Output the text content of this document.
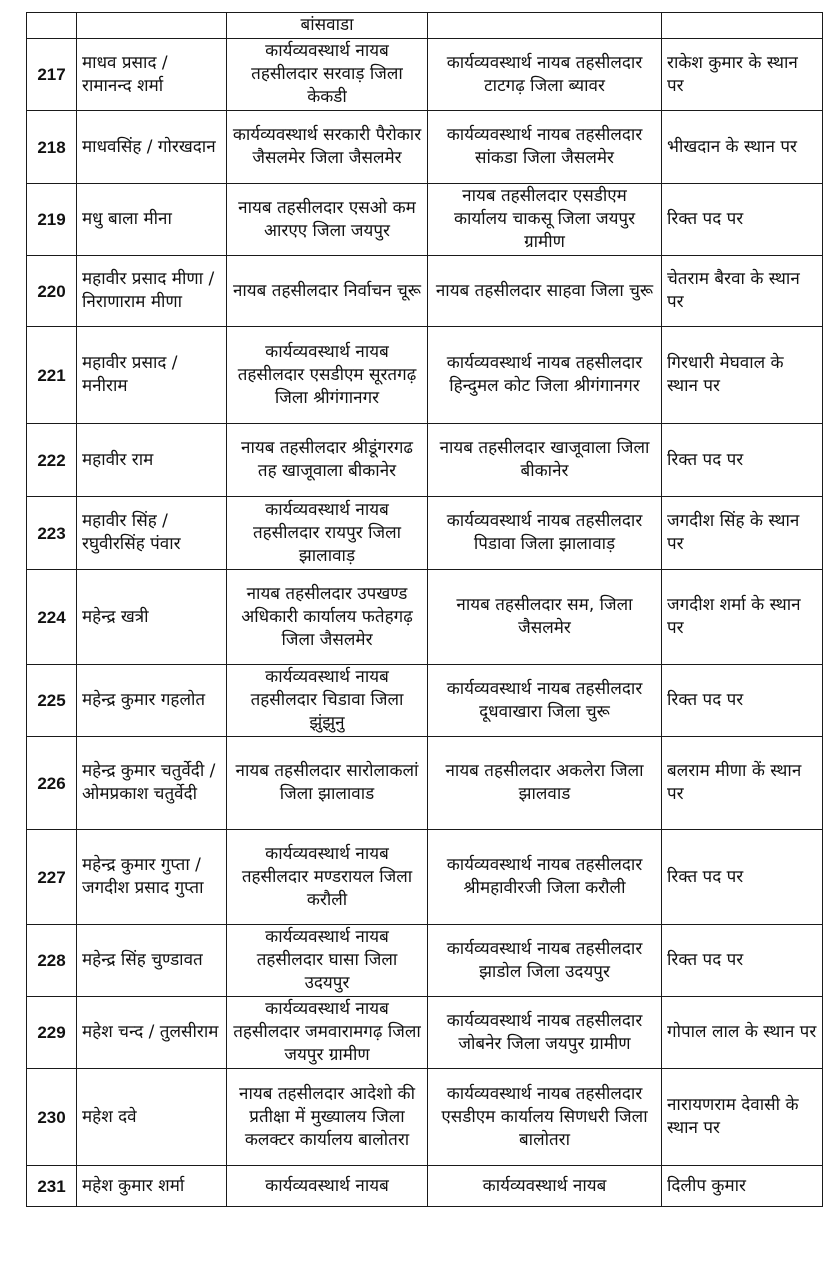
		बांसवाडा		
217	माधव प्रसाद / रामानन्द शर्मा	कार्यव्यवस्थार्थ नायब तहसीलदार सरवाड़ जिला केकडी	कार्यव्यवस्थार्थ नायब तहसीलदार टाटगढ़ जिला ब्यावर	राकेश कुमार के स्थान पर
218	माधवसिंह / गोरखदान	कार्यव्यवस्थार्थ सरकारी पैरोकार जैसलमेर जिला जैसलमेर	कार्यव्यवस्थार्थ नायब तहसीलदार सांकडा जिला जैसलमेर	भीखदान के स्थान पर
219	मधु बाला मीना	नायब तहसीलदार एसओ कम आरएए जिला जयपुर	नायब तहसीलदार एसडीएम कार्यालय चाकसू जिला जयपुर ग्रामीण	रिक्त पद पर
220	महावीर प्रसाद मीणा / निराणाराम मीणा	नायब तहसीलदार निर्वाचन चूरू	नायब तहसीलदार साहवा जिला चुरू	चेतराम बैरवा के स्थान पर
221	महावीर प्रसाद / मनीराम	कार्यव्यवस्थार्थ नायब तहसीलदार एसडीएम सूरतगढ़ जिला श्रीगंगानगर	कार्यव्यवस्थार्थ नायब तहसीलदार हिन्दुमल कोट जिला श्रीगंगानगर	गिरधारी मेघवाल के स्थान पर
222	महावीर राम	नायब तहसीलदार श्रीडूंगरगढ तह खाजूवाला बीकानेर	नायब तहसीलदार खाजूवाला जिला बीकानेर	रिक्त पद पर
223	महावीर सिंह / रघुवीरसिंह पंवार	कार्यव्यवस्थार्थ नायब तहसीलदार रायपुर जिला झालावाड़	कार्यव्यवस्थार्थ नायब तहसीलदार पिडावा जिला झालावाड़	जगदीश सिंह के स्थान पर
224	महेन्द्र खत्री	नायब तहसीलदार उपखण्ड अधिकारी कार्यालय फतेहगढ़ जिला जैसलमेर	नायब तहसीलदार सम, जिला जैसलमेर	जगदीश शर्मा के स्थान पर
225	महेन्द्र कुमार गहलोत	कार्यव्यवस्थार्थ नायब तहसीलदार चिडावा जिला झुंझुनु	कार्यव्यवस्थार्थ नायब तहसीलदार दूधवाखारा जिला चुरू	रिक्त पद पर
226	महेन्द्र कुमार चतुर्वेदी / ओमप्रकाश चतुर्वेदी	नायब तहसीलदार सारोलाकलां जिला झालावाड	नायब तहसीलदार अकलेरा जिला झालवाड	बलराम मीणा कें स्थान पर
227	महेन्द्र कुमार गुप्ता / जगदीश प्रसाद गुप्ता	कार्यव्यवस्थार्थ नायब तहसीलदार मण्डरायल जिला करौली	कार्यव्यवस्थार्थ नायब तहसीलदार श्रीमहावीरजी जिला करौली	रिक्त पद पर
228	महेन्द्र सिंह चुण्डावत	कार्यव्यवस्थार्थ नायब तहसीलदार घासा जिला उदयपुर	कार्यव्यवस्थार्थ नायब तहसीलदार झाडोल जिला उदयपुर	रिक्त पद पर
229	महेश चन्द / तुलसीराम	कार्यव्यवस्थार्थ नायब तहसीलदार जमवारामगढ़ जिला जयपुर ग्रामीण	कार्यव्यवस्थार्थ नायब तहसीलदार जोबनेर जिला जयपुर ग्रामीण	गोपाल लाल के स्थान पर
230	महेश दवे	नायब तहसीलदार आदेशो की प्रतीक्षा में मुख्यालय जिला कलक्टर कार्यालय बालोतरा	कार्यव्यवस्थार्थ नायब तहसीलदार एसडीएम कार्यालय सिणधरी जिला बालोतरा	नारायणराम देवासी के स्थान पर
231	महेश कुमार शर्मा	कार्यव्यवस्थार्थ नायब	कार्यव्यवस्थार्थ नायब	दिलीप कुमार
